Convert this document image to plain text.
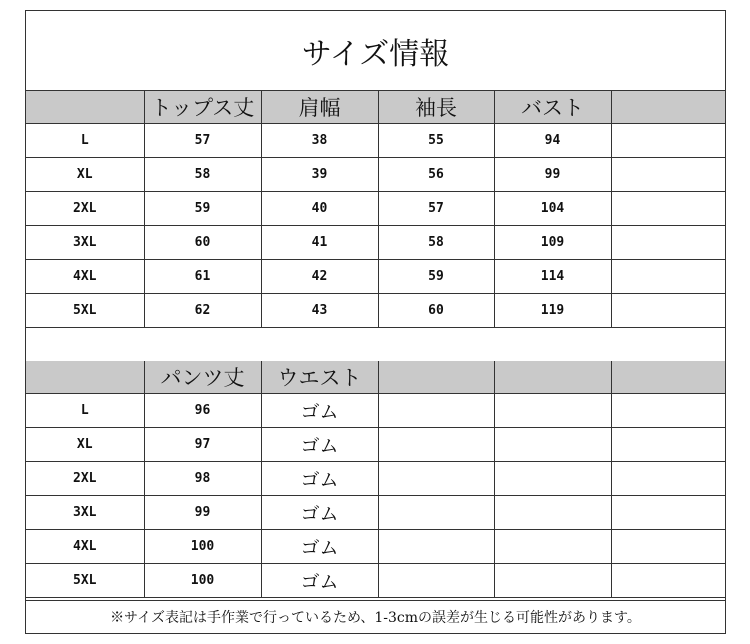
サイズ情報
	トップス丈	肩幅	袖長	バスト	
L	57	38	55	94	
XL	58	39	56	99	
2XL	59	40	57	104	
3XL	60	41	58	109	
4XL	61	42	59	114	
5XL	62	43	60	119	
	パンツ丈	ウエスト			
L	96	ゴム			
XL	97	ゴム			
2XL	98	ゴム			
3XL	99	ゴム			
4XL	100	ゴム			
5XL	100	ゴム			
※サイズ表記は手作業で行っているため、1-3cmの誤差が生じる可能性があります。
